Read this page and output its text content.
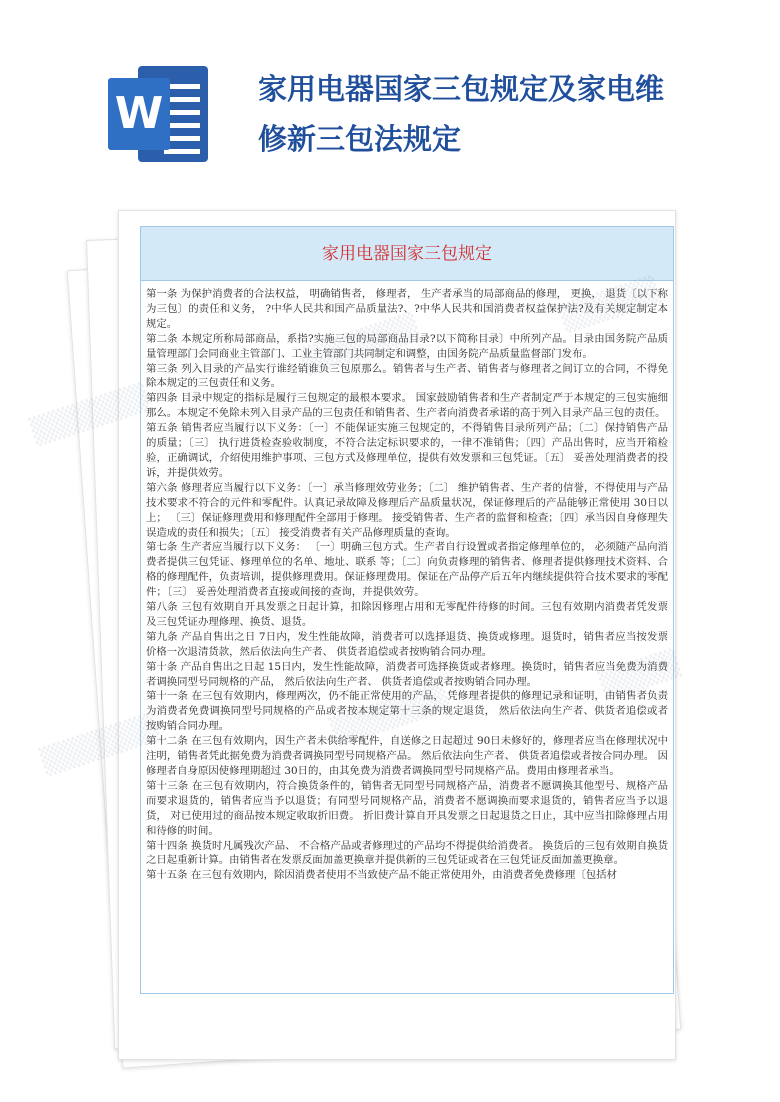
W	家用电器国家三包规定及家电维修新三包法规定
家用电器国家三包规定

第一条 为保护消费者的合法权益， 明确销售者， 修理者， 生产者承当的局部商品的修理， 更换， 退货〔以下称为三包〕的责任和义务， ?中华人民共和国产品质量法?、?中华人民共和国消费者权益保护法?及有关规定制定本规定。

第二条 本规定所称局部商品，系指?实施三包的局部商品目录?以下简称目录〕中所列产品。目录由国务院产品质量管理部门会同商业主管部门、工业主管部门共同制定和调整，由国务院产品质量监督部门发布。

第三条 列入目录的产品实行谁经销谁负三包原那么。销售者与生产者、销售者与修理者之间订立的合同，不得免除本规定的三包责任和义务。

第四条 目录中规定的指标是履行三包规定的最根本要求。 国家鼓励销售者和生产者制定严于本规定的三包实施细那么。本规定不免除未列入目录产品的三包责任和销售者、生产者向消费者承诺的高于列入目录产品三包的责任。

第五条 销售者应当履行以下义务：〔一〕不能保证实施三包规定的，不得销售目录所列产品；〔二〕保持销售产品的质量；〔三〕 执行进货检查验收制度，不符合法定标识要求的，一律不准销售；〔四〕产品出售时，应当开箱检验，正确调试，介绍使用维护事项、三包方式及修理单位，提供有效发票和三包凭证。〔五〕 妥善处理消费者的投诉，并提供效劳。

第六条 修理者应当履行以下义务：〔一〕承当修理效劳业务；〔二〕 维护销售者、生产者的信誉，不得使用与产品技术要求不符合的元件和零配件。认真记录故障及修理后产品质量状况，保证修理后的产品能够正常使用 30日以上； 〔三〕保证修理费用和修理配件全部用于修理。 接受销售者、生产者的监督和检查；〔四〕承当因自身修理失误造成的责任和损失；〔五〕 接受消费者有关产品修理质量的查询。

第七条 生产者应当履行以下义务： 〔一〕明确三包方式。生产者自行设置或者指定修理单位的， 必须随产品向消费者提供三包凭证、修理单位的名单、地址、联系 等；〔二〕向负责修理的销售者、修理者提供修理技术资料、合格的修理配件，负责培训，提供修理费用。保证修理费用。保证在产品停产后五年内继续提供符合技术要求的零配件；〔三〕 妥善处理消费者直接或间接的查询，并提供效劳。

第八条 三包有效期自开具发票之日起计算，扣除因修理占用和无零配件待修的时间。三包有效期内消费者凭发票及三包凭证办理修理、换货、退货。

第九条 产品自售出之日 7日内，发生性能故障，消费者可以选择退货、换货或修理。退货时，销售者应当按发票价格一次退清货款，然后依法向生产者、 供货者追偿或者按购销合同办理。

第十条 产品自售出之日起 15日内，发生性能故障，消费者可选择换货或者修理。换货时，销售者应当免费为消费者调换同型号同规格的产品， 然后依法向生产者、 供货者追偿或者按购销合同办理。

第十一条 在三包有效期内，修理两次，仍不能正常使用的产品， 凭修理者提供的修理记录和证明，由销售者负责为消费者免费调换同型号同规格的产品或者按本规定第十三条的规定退货， 然后依法向生产者、供货者追偿或者按购销合同办理。

第十二条 在三包有效期内，因生产者未供给零配件，自送修之日起超过 90日未修好的，修理者应当在修理状况中注明，销售者凭此据免费为消费者调换同型号同规格产品。 然后依法向生产者、 供货者追偿或者按合同办理。 因修理者自身原因使修理期超过 30日的，由其免费为消费者调换同型号同规格产品。费用由修理者承当。

第十三条 在三包有效期内，符合换货条件的，销售者无同型号同规格产品，消费者不愿调换其他型号、规格产品而要求退货的，销售者应当予以退货；有同型号同规格产品，消费者不愿调换而要求退货的，销售者应当予以退货， 对已使用过的商品按本规定收取折旧费。 折旧费计算自开具发票之日起退货之日止，其中应当扣除修理占用和待修的时间。

第十四条 换货时凡属残次产品、 不合格产品或者修理过的产品均不得提供给消费者。 换货后的三包有效期自换货之日起重新计算。由销售者在发票反面加盖更换章并提供新的三包凭证或者在三包凭证反面加盖更换章。

第十五条 在三包有效期内，除因消费者使用不当致使产品不能正常使用外，由消费者免费修理〔包括材
